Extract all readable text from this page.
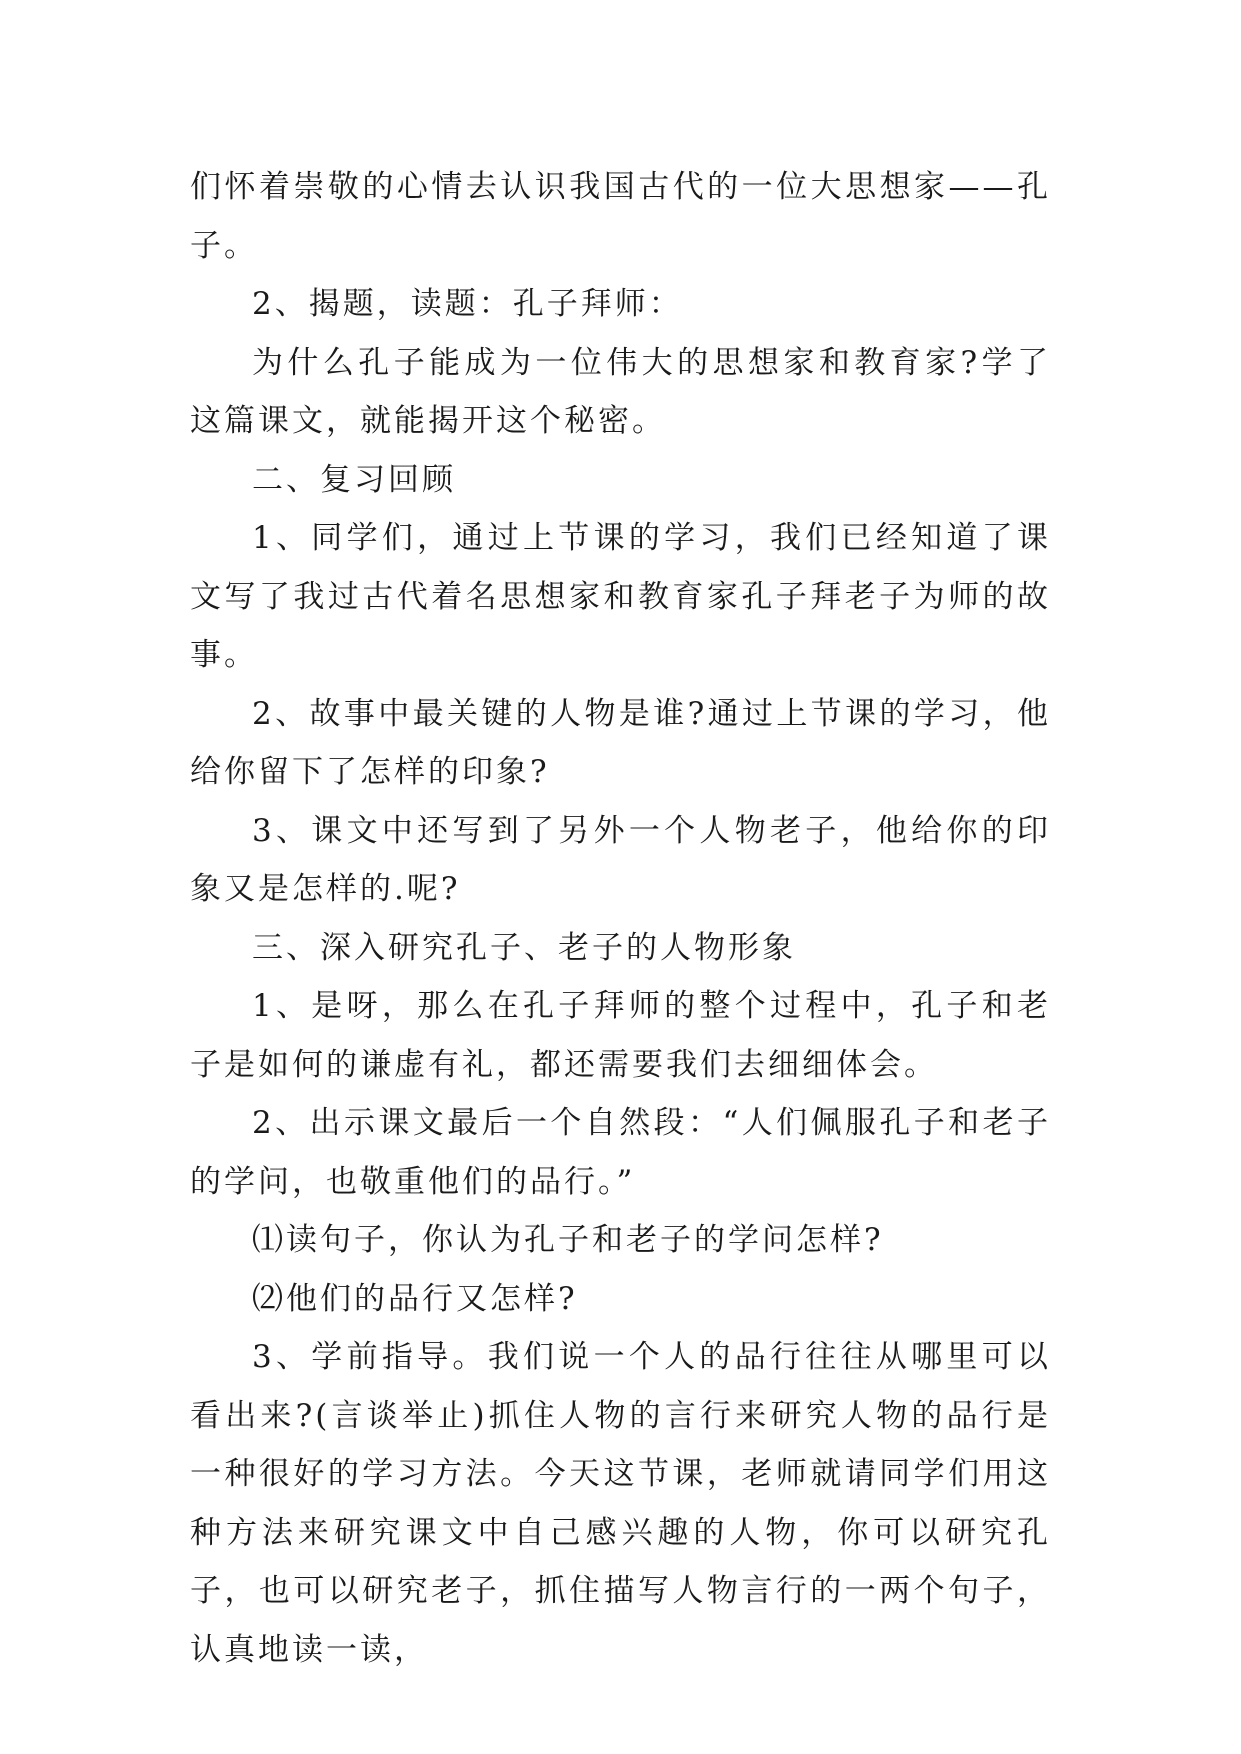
们怀着崇敬的心情去认识我国古代的一位大思想家——孔子。

2、揭题，读题：孔子拜师：

为什么孔子能成为一位伟大的思想家和教育家?学了这篇课文，就能揭开这个秘密。

二、复习回顾

1、同学们，通过上节课的学习，我们已经知道了课文写了我过古代着名思想家和教育家孔子拜老子为师的故事。

2、故事中最关键的人物是谁?通过上节课的学习，他给你留下了怎样的印象?

3、课文中还写到了另外一个人物老子，他给你的印象又是怎样的.呢?

三、深入研究孔子、老子的人物形象

1、是呀，那么在孔子拜师的整个过程中，孔子和老子是如何的谦虚有礼，都还需要我们去细细体会。

2、出示课文最后一个自然段：“人们佩服孔子和老子的学问，也敬重他们的品行。”

⑴读句子，你认为孔子和老子的学问怎样?

⑵他们的品行又怎样?

3、学前指导。我们说一个人的品行往往从哪里可以看出来?(言谈举止)抓住人物的言行来研究人物的品行是一种很好的学习方法。今天这节课，老师就请同学们用这种方法来研究课文中自己感兴趣的人物，你可以研究孔子，也可以研究老子，抓住描写人物言行的一两个句子，认真地读一读，
